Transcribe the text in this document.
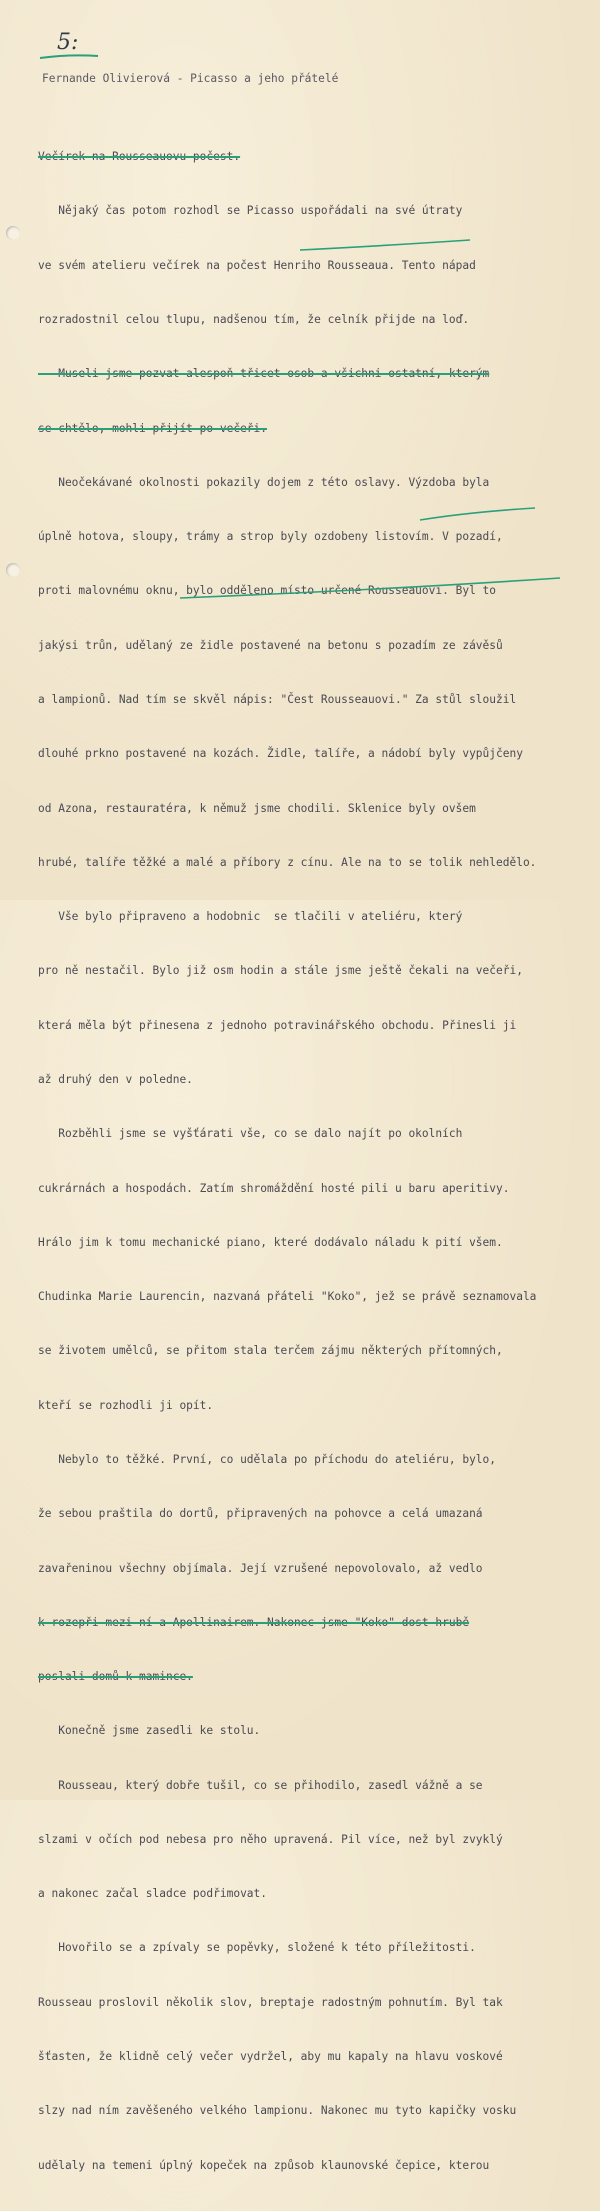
5:
Fernande Olivierová - Picasso a jeho přátelé

Večírek na Rousseauovu počest.

Nějaký čas potom rozhodl se Picasso uspořádali na své útraty

ve svém atelieru večírek na počest Henriho Rousseaua. Tento nápad

rozradostnil celou tlupu, nadšenou tím, že celník přijde na loď.

Museli jsme pozvat alespoň třicet osob a všichni ostatní, kterým

se chtělo, mohli přijít po večeři.

Neočekávané okolnosti pokazily dojem z této oslavy. Výzdoba byla

úplně hotova, sloupy, trámy a strop byly ozdobeny listovím. V pozadí,

proti malovnému oknu, bylo odděleno místo určené Rousseauovi. Byl to

jakýsi trůn, udělaný ze židle postavené na betonu s pozadím ze závěsů

a lampionů. Nad tím se skvěl nápis: "Čest Rousseauovi." Za stůl sloužil

dlouhé prkno postavené na kozách. Židle, talíře, a nádobí byly vypůjčeny

od Azona, restauratéra, k němuž jsme chodili. Sklenice byly ovšem

hrubé, talíře těžké a malé a příbory z cínu. Ale na to se tolik nehledělo.

Vše bylo připraveno a hodobnic  se tlačili v ateliéru, který

pro ně nestačil. Bylo již osm hodin a stále jsme ještě čekali na večeři,

která měla být přinesena z jednoho potravinářského obchodu. Přinesli ji

až druhý den v poledne.

Rozběhli jsme se vyšťárati vše, co se dalo najít po okolních

cukrárnách a hospodách. Zatím shromáždění hosté pili u baru aperitivy.

Hrálo jim k tomu mechanické piano, které dodávalo náladu k pití všem.

Chudinka Marie Laurencin, nazvaná přáteli "Koko", jež se právě seznamovala

se životem umělců, se přitom stala terčem zájmu některých přítomných,

kteří se rozhodli ji opít.

Nebylo to těžké. První, co udělala po příchodu do ateliéru, bylo,

že sebou praštila do dortů, připravených na pohovce a celá umazaná

zavařeninou všechny objímala. Její vzrušené nepovolovalo, až vedlo

k rozepři mezi ní a Apollinairem. Nakonec jsme "Koko" dost hrubě

poslali domů k mamince.

Konečně jsme zasedli ke stolu.

Rousseau, který dobře tušil, co se přihodilo, zasedl vážně a se

slzami v očích pod nebesa pro něho upravená. Pil více, než byl zvyklý

a nakonec začal sladce podřimovat.

Hovořilo se a zpívaly se popěvky, složené k této příležitosti.

Rousseau proslovil několik slov, breptaje radostným pohnutím. Byl tak

šťasten, že klidně celý večer vydržel, aby mu kapaly na hlavu voskové

slzy nad ním zavěšeného velkého lampionu. Nakonec mu tyto kapičky vosku

udělaly na temeni úplný kopeček na způsob klaunovské čepice, kterou
